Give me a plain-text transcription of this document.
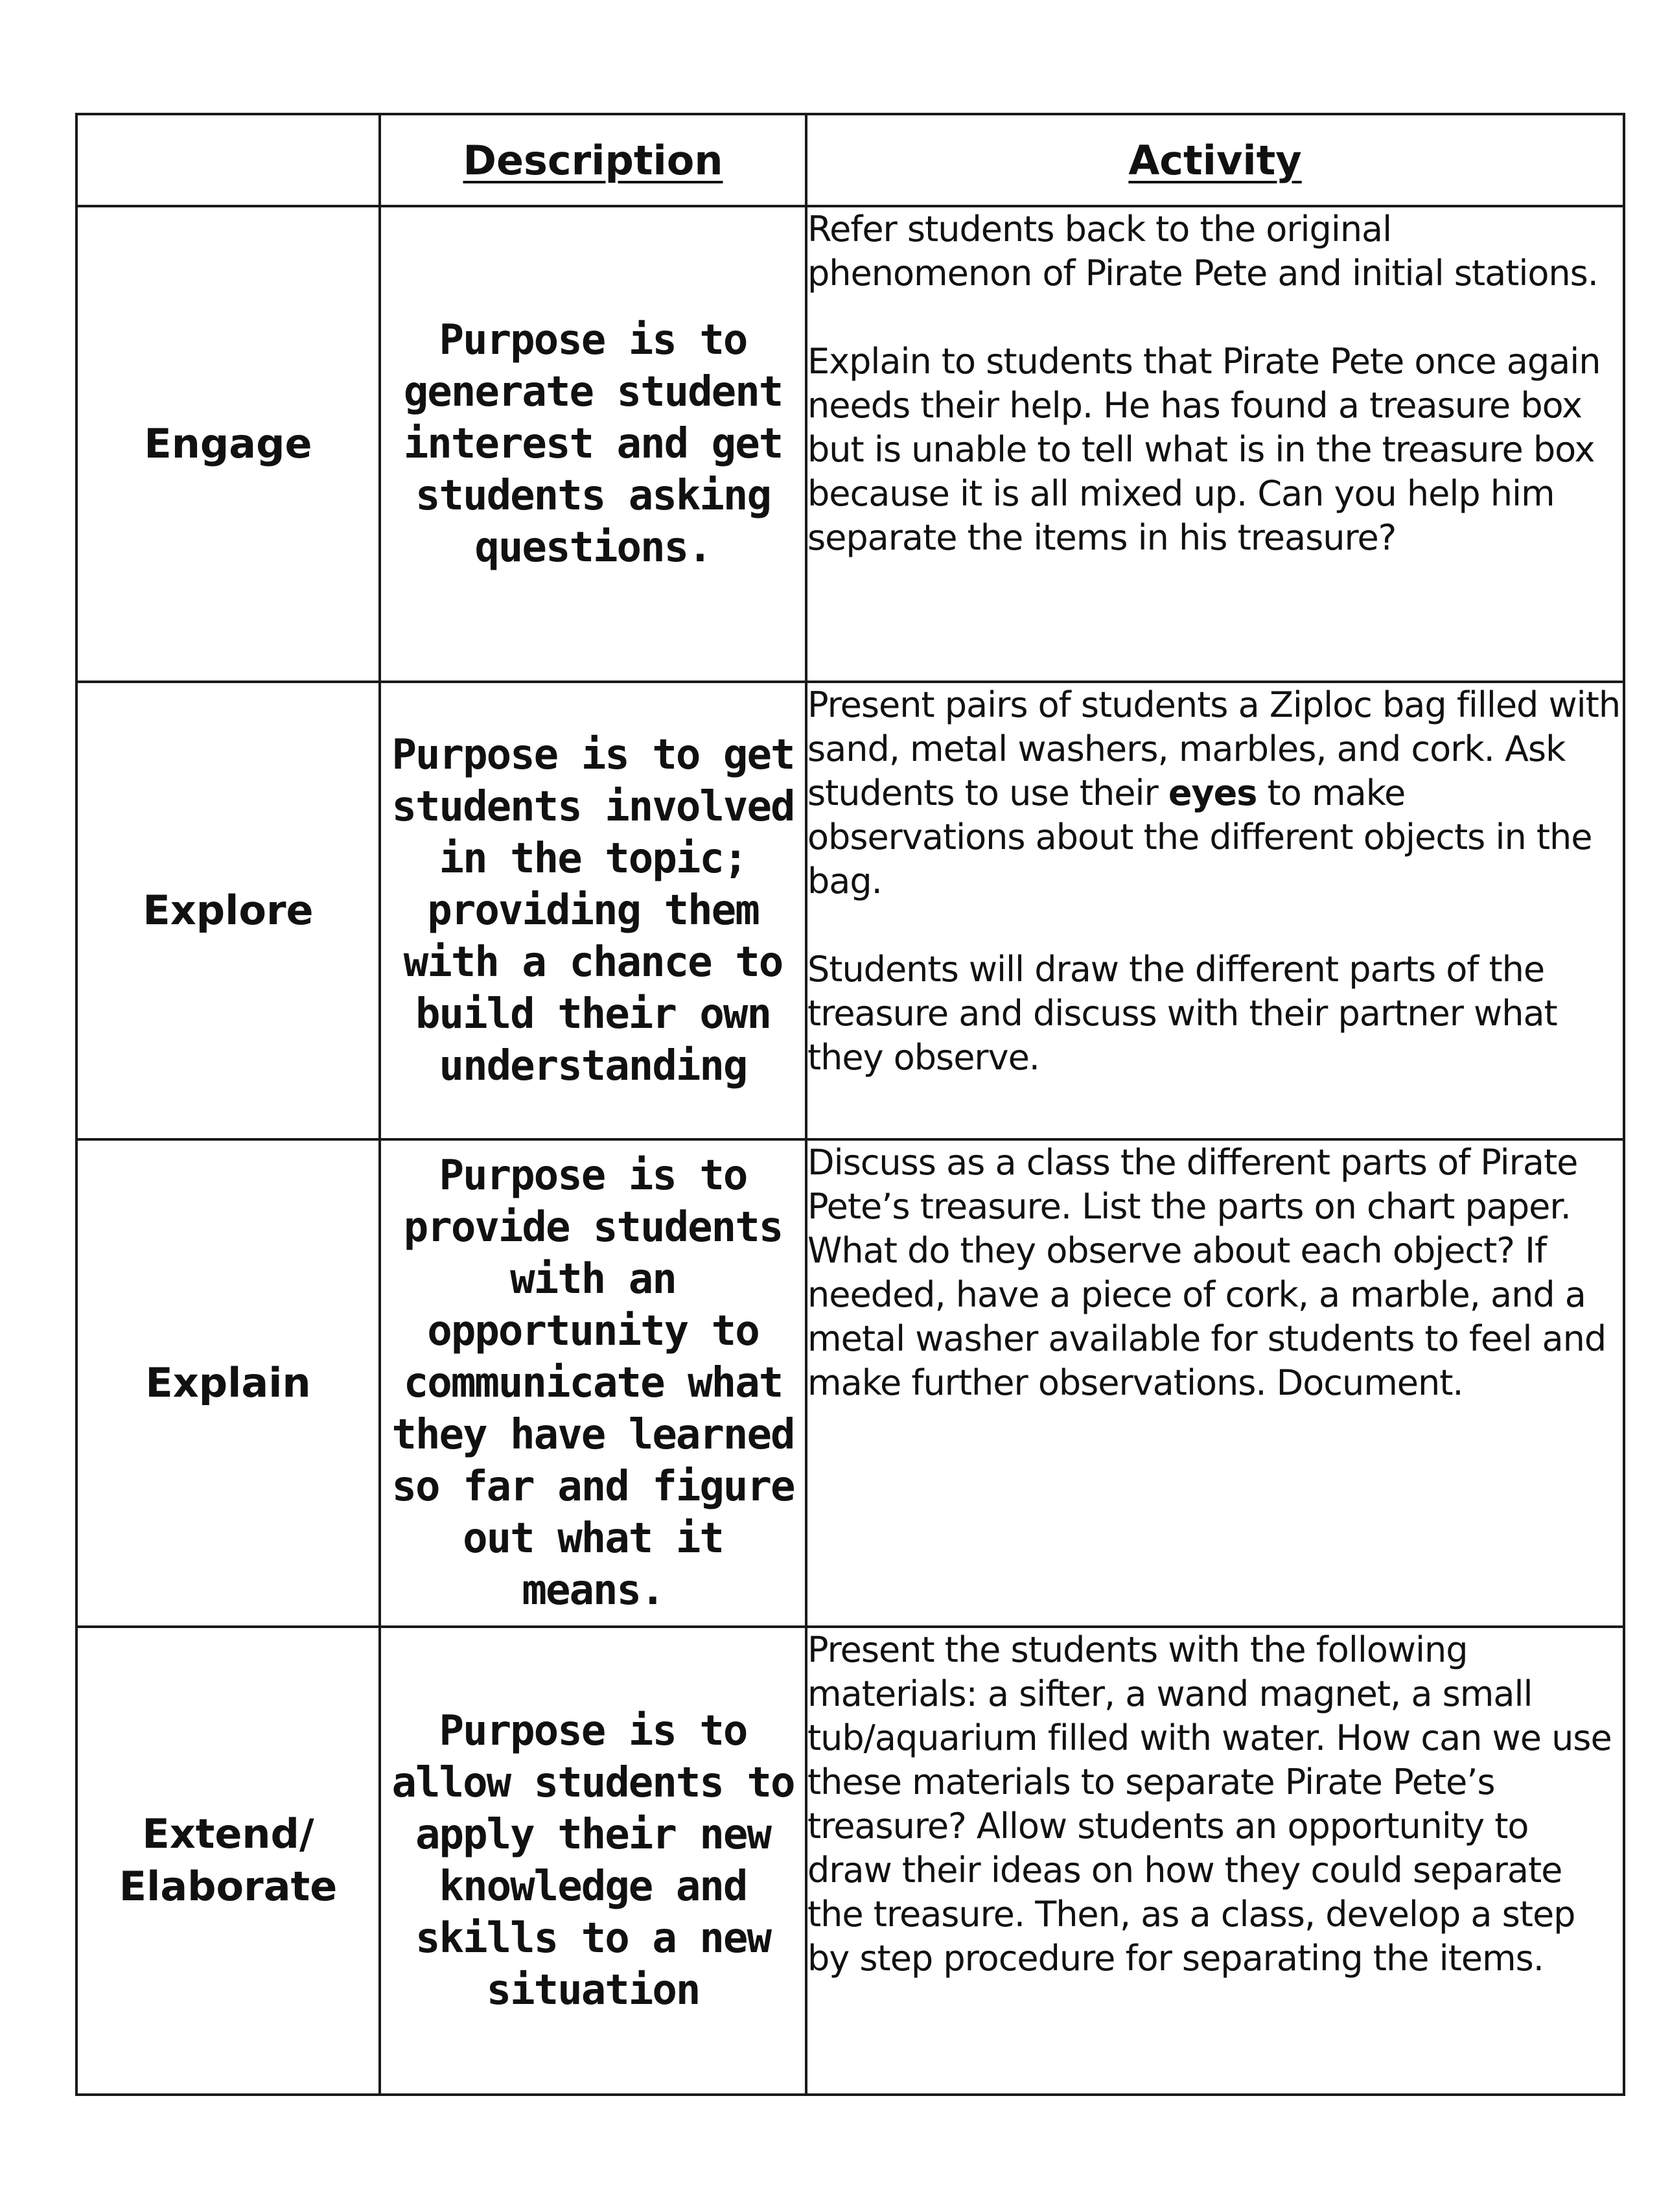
	Description	Activity
Engage	Purpose is to generate student interest and get students asking questions.	Refer students back to the original phenomenon of Pirate Pete and initial stations.

Explain to students that Pirate Pete once again needs their help. He has found a treasure box but is unable to tell what is in the treasure box because it is all mixed up. Can you help him separate the items in his treasure?

Explore	Purpose is to get students involved in the topic; providing them with a chance to build their own understanding	Present pairs of students a Ziploc bag filled with sand, metal washers, marbles, and cork. Ask students to use their eyes to make observations about the different objects in the bag.

Students will draw the different parts of the treasure and discuss with their partner what they observe.

Explain	Purpose is to provide students with an opportunity to communicate what they have learned so far and figure out what it means.	Discuss as a class the different parts of Pirate Pete’s treasure. List the parts on chart paper. What do they observe about each object? If needed, have a piece of cork, a marble, and a metal washer available for students to feel and make further observations. Document.

Extend/ Elaborate	Purpose is to allow students to apply their new knowledge and skills to a new situation	Present the students with the following materials: a sifter, a wand magnet, a small tub/aquarium filled with water. How can we use these materials to separate Pirate Pete’s treasure? Allow students an opportunity to draw their ideas on how they could separate the treasure. Then, as a class, develop a step by step procedure for separating the items.
